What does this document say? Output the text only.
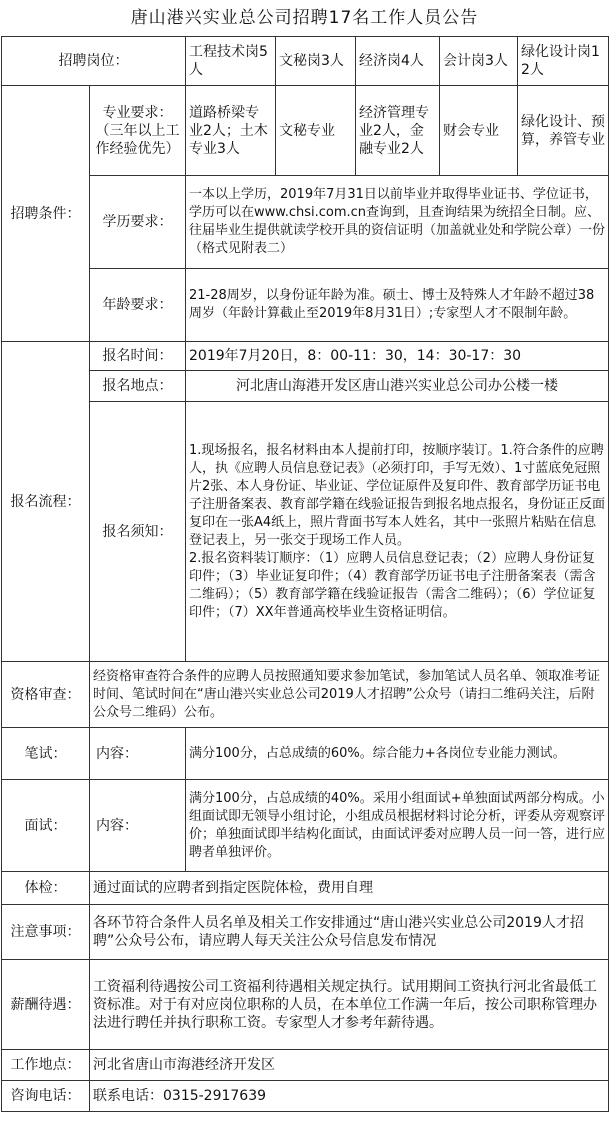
唐山港兴实业总公司招聘17名工作人员公告
招聘岗位：		工程技术岗5人	文秘岗3人	经济岗4人	会计岗3人	绿化设计岗12人
招聘条件：	专业要求：（三年以上工作经验优先）	道路桥梁专业2人；土木专业3人	文秘专业	经济管理专业2人，金融专业2人	财会专业	绿化设计、预算，养管专业
	学历要求：	一本以上学历，2019年7月31日以前毕业并取得毕业证书、学位证书，学历可以在www.chsi.com.cn查询到，且查询结果为统招全日制。应、往届毕业生提供就读学校开具的资信证明（加盖就业处和学院公章）一份（格式见附表二）				
	年龄要求：	21-28周岁，以身份证年龄为准。硕士、博士及特殊人才年龄不超过38周岁（年龄计算截止至2019年8月31日）;专家型人才不限制年龄。				
报名流程：	报名时间：	2019年7月20日，8：00-11：30，14：30-17：30				
	报名地点：	河北唐山海港开发区唐山港兴实业总公司办公楼一楼				
	报名须知：	1.现场报名，报名材料由本人提前打印，按顺序装订。1.符合条件的应聘人，执《应聘人员信息登记表》（必须打印，手写无效）、1寸蓝底免冠照片2张、本人身份证、毕业证、学位证原件及复印件、教育部学历证书电子注册备案表、教育部学籍在线验证报告到报名地点报名，身份证正反面复印在一张A4纸上，照片背面书写本人姓名，其中一张照片粘贴在信息登记表上，另一张交于现场工作人员。
2.报名资料装订顺序：（1）应聘人员信息登记表；（2）应聘人身份证复印件；（3）毕业证复印件；（4）教育部学历证书电子注册备案表（需含二维码）；（5）教育部学籍在线验证报告（需含二维码）；（6）学位证复印件；（7）XX年普通高校毕业生资格证明信。				

资格审查：	经资格审查符合条件的应聘人员按照通知要求参加笔试，参加笔试人员名单、领取准考证时间、笔试时间在“唐山港兴实业总公司2019人才招聘”公众号（请扫二维码关注，后附公众号二维码）公布。					
笔试：	内容：	满分100分，占总成绩的60%。综合能力+各岗位专业能力测试。				
面试：	内容：	满分100分，占总成绩的40%。采用小组面试+单独面试两部分构成。小组面试即无领导小组讨论，小组成员根据材料讨论分析，评委从旁观察评价；单独面试即半结构化面试，由面试评委对应聘人员一问一答，进行应聘者单独评价。				
体检：	通过面试的应聘者到指定医院体检，费用自理					
注意事项：	各环节符合条件人员名单及相关工作安排通过“唐山港兴实业总公司2019人才招聘”公众号公布，请应聘人每天关注公众号信息发布情况					
薪酬待遇：	工资福利待遇按公司工资福利待遇相关规定执行。试用期间工资执行河北省最低工资标准。对于有对应岗位职称的人员，在本单位工作满一年后，按公司职称管理办法进行聘任并执行职称工资。专家型人才参考年薪待遇。					
工作地点：	河北省唐山市海港经济开发区					
咨询电话：	联系电话：0315-2917639					
